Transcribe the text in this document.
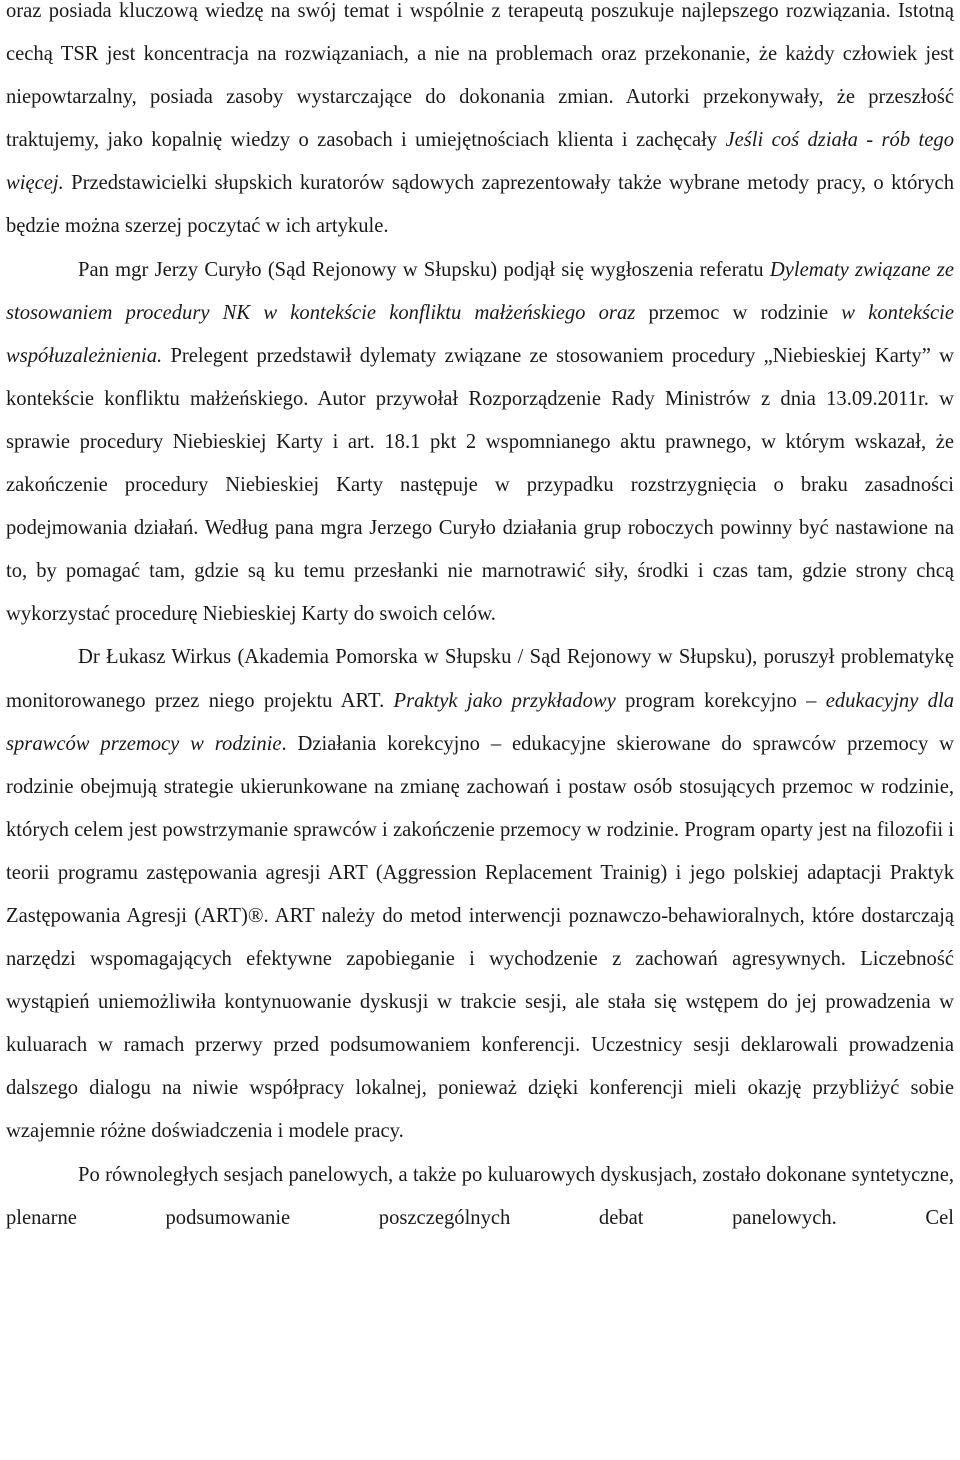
oraz posiada kluczową wiedzę na swój temat i wspólnie z terapeutą poszukuje najlepszego rozwiązania. Istotną cechą TSR jest koncentracja na rozwiązaniach, a nie na problemach oraz przekonanie, że każdy człowiek jest niepowtarzalny, posiada zasoby wystarczające do dokonania zmian. Autorki przekonywały, że przeszłość traktujemy, jako kopalnię wiedzy o zasobach i umiejętnościach klienta i zachęcały Jeśli coś działa - rób tego więcej. Przedstawicielki słupskich kuratorów sądowych zaprezentowały także wybrane metody pracy, o których będzie można szerzej poczytać w ich artykule.

Pan mgr Jerzy Curyło (Sąd Rejonowy w Słupsku) podjął się wygłoszenia referatu Dylematy związane ze stosowaniem procedury NK w kontekście konfliktu małżeńskiego oraz przemoc w rodzinie w kontekście współuzależnienia. Prelegent przedstawił dylematy związane ze stosowaniem procedury „Niebieskiej Karty” w kontekście konfliktu małżeńskiego. Autor przywołał Rozporządzenie Rady Ministrów z dnia 13.09.2011r. w sprawie procedury Niebieskiej Karty i art. 18.1 pkt 2 wspomnianego aktu prawnego, w którym wskazał, że zakończenie procedury Niebieskiej Karty następuje w przypadku rozstrzygnięcia o braku zasadności podejmowania działań. Według pana mgra Jerzego Curyło działania grup roboczych powinny być nastawione na to, by pomagać tam, gdzie są ku temu przesłanki nie marnotrawić siły, środki i czas tam, gdzie strony chcą wykorzystać procedurę Niebieskiej Karty do swoich celów.

Dr Łukasz Wirkus (Akademia Pomorska w Słupsku / Sąd Rejonowy w Słupsku), poruszył problematykę monitorowanego przez niego projektu ART. Praktyk jako przykładowy program korekcyjno – edukacyjny dla sprawców przemocy w rodzinie. Działania korekcyjno – edukacyjne skierowane do sprawców przemocy w rodzinie obejmują strategie ukierunkowane na zmianę zachowań i postaw osób stosujących przemoc w rodzinie, których celem jest powstrzymanie sprawców i zakończenie przemocy w rodzinie. Program oparty jest na filozofii i teorii programu zastępowania agresji ART (Aggression Replacement Trainig) i jego polskiej adaptacji Praktyk Zastępowania Agresji (ART)®. ART należy do metod interwencji poznawczo-behawioralnych, które dostarczają narzędzi wspomagających efektywne zapobieganie i wychodzenie z zachowań agresywnych. Liczebność wystąpień uniemożliwiła kontynuowanie dyskusji w trakcie sesji, ale stała się wstępem do jej prowadzenia w kuluarach w ramach przerwy przed podsumowaniem konferencji. Uczestnicy sesji deklarowali prowadzenia dalszego dialogu na niwie współpracy lokalnej, ponieważ dzięki konferencji mieli okazję przybliżyć sobie wzajemnie różne doświadczenia i modele pracy.

Po równoległych sesjach panelowych, a także po kuluarowych dyskusjach, zostało dokonane syntetyczne, plenarne podsumowanie poszczególnych debat panelowych. Cel
